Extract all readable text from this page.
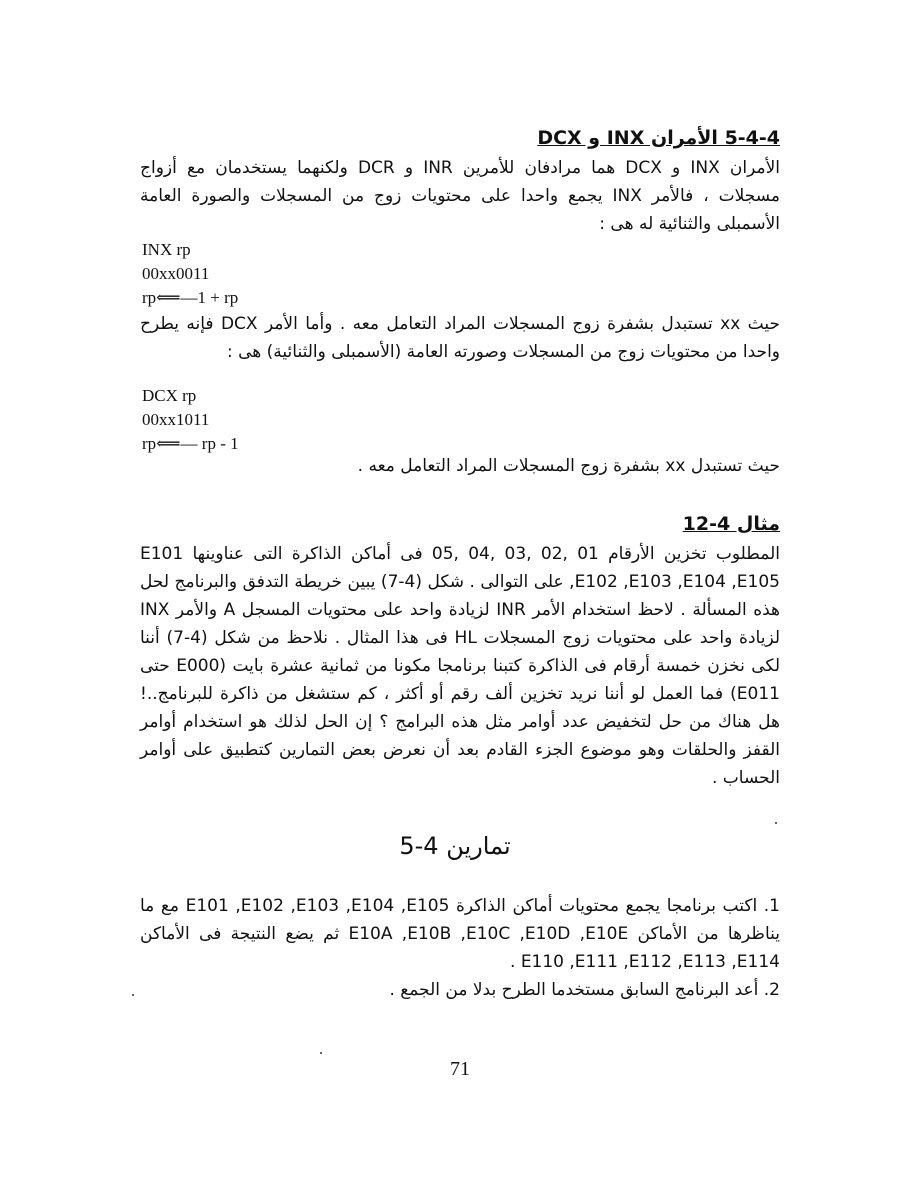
5-4-4 الأمران INX و DCX

الأمران INX و DCX هما مرادفان للأمرين INR و DCR ولكنهما يستخدمان مع أزواج مسجلات ، فالأمر INX يجمع واحدا على محتويات زوج من المسجلات والصورة العامة الأسمبلى والثنائية له هى :

INX rp
00xx0011
rp⟸—1 + rp

حيث xx تستبدل بشفرة زوج المسجلات المراد التعامل معه . وأما الأمر DCX فإنه يطرح واحدا من محتويات زوج من المسجلات وصورته العامة (الأسمبلى والثنائية) هى :

DCX rp
00xx1011
rp⟸— rp - 1

حيث تستبدل xx بشفرة زوج المسجلات المراد التعامل معه .

مثال 4-12

المطلوب تخزين الأرقام 01 ,02 ,03 ,04 ,05 فى أماكن الذاكرة التى عناوينها E101 ,E102 ,E103 ,E104 ,E105 على التوالى . شكل (4-7) يبين خريطة التدفق والبرنامج لحل هذه المسألة . لاحظ استخدام الأمر INR لزيادة واحد على محتويات المسجل A والأمر INX لزيادة واحد على محتويات زوج المسجلات HL فى هذا المثال . نلاحظ من شكل (4-7) أننا لكى نخزن خمسة أرقام فى الذاكرة كتبنا برنامجا مكونا من ثمانية عشرة بايت (E000 حتى E011) فما العمل لو أننا نريد تخزين ألف رقم أو أكثر ، كم ستشغل من ذاكرة للبرنامج..! هل هناك من حل لتخفيض عدد أوامر مثل هذه البرامج ؟ إن الحل لذلك هو استخدام أوامر القفز والحلقات وهو موضوع الجزء القادم بعد أن نعرض بعض التمارين كتطبيق على أوامر الحساب .

5-4 تمارين

1. اكتب برنامجا يجمع محتويات أماكن الذاكرة E101 ,E102 ,E103 ,E104 ,E105 مع ما يناظرها من الأماكن E10A ,E10B ,E10C ,E10D ,E10E ثم يضع النتيجة فى الأماكن E110 ,E111 ,E112 ,E113 ,E114 .

2. أعد البرنامج السابق مستخدما الطرح بدلا من الجمع .

71
